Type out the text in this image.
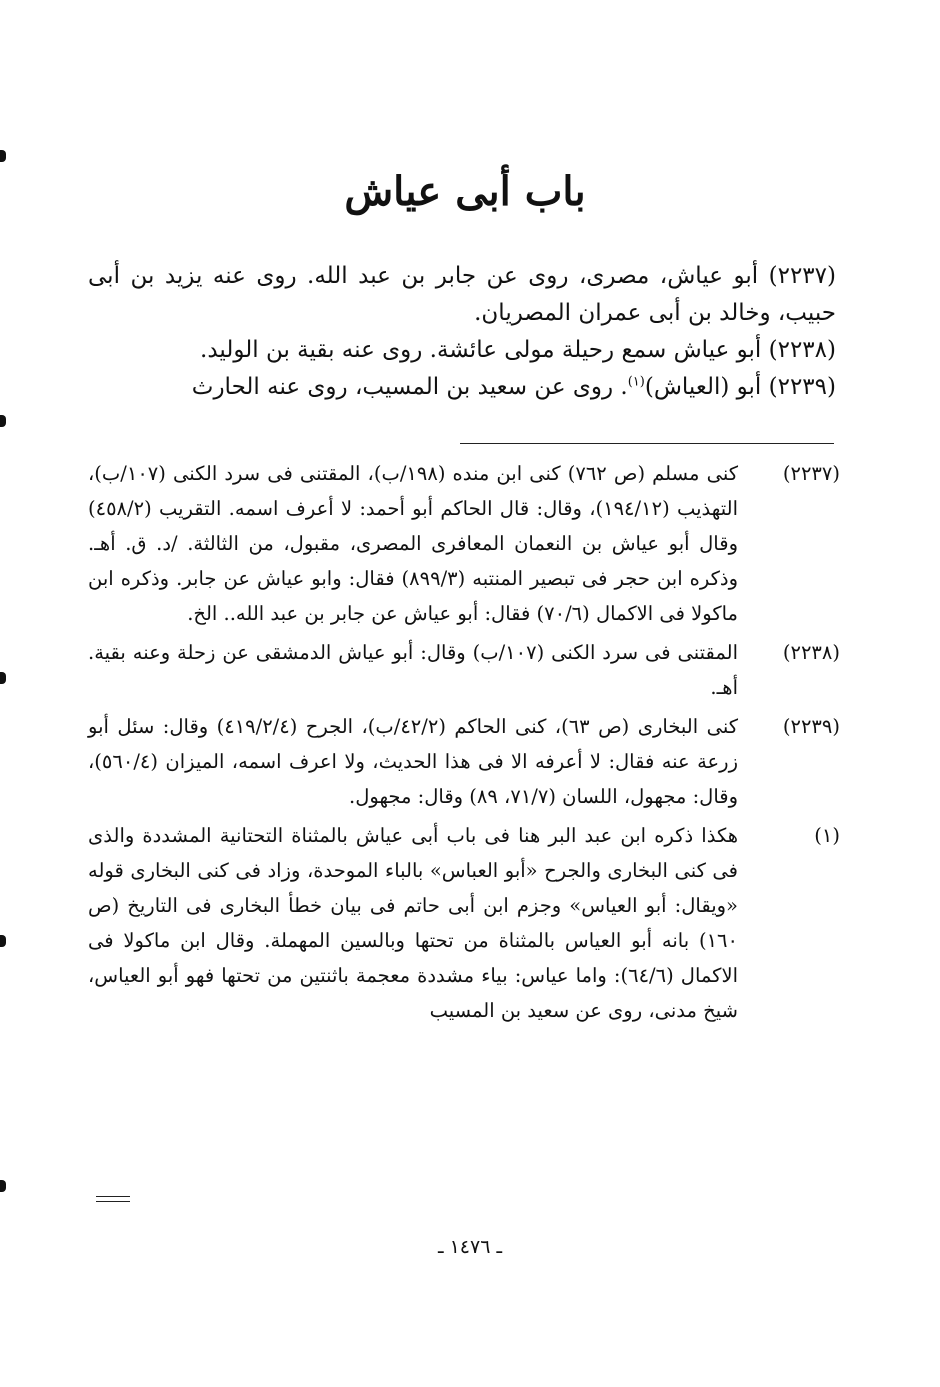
باب أبى عياش

(٢٢٣٧) أبو عياش، مصرى، روى عن جابر بن عبد الله. روى عنه يزيد بن أبى حبيب، وخالد بن أبى عمران المصريان.

(٢٢٣٨) أبو عياش سمع رحيلة مولى عائشة. روى عنه بقية بن الوليد.

(٢٢٣٩) أبو (العياش)$^{(١)}$. روى عن سعيد بن المسيب، روى عنه الحارث

(٢٢٣٧)
كنى مسلم (ص ٧٦٢) كنى ابن منده (١٩٨/ب)، المقتنى فى سرد الكنى (١٠٧/ب)، التهذيب (١٩٤/١٢)، وقال: قال الحاكم أبو أحمد: لا أعرف اسمه. التقريب (٤٥٨/٢) وقال أبو عياش بن النعمان المعافرى المصرى، مقبول، من الثالثة. /د. ق. أهـ. وذكره ابن حجر فى تبصير المنتبه (٨٩٩/٣) فقال: وابو عياش عن جابر. وذكره ابن ماكولا فى الاكمال (٧٠/٦) فقال: أبو عياش عن جابر بن عبد الله.. الخ.
(٢٢٣٨)
المقتنى فى سرد الكنى (١٠٧/ب) وقال: أبو عياش الدمشقى عن زحلة وعنه بقية. أهـ.
(٢٢٣٩)
كنى البخارى (ص ٦٣)، كنى الحاكم (٤٢/٢/ب)، الجرح (٤١٩/٢/٤) وقال: سئل أبو زرعة عنه فقال: لا أعرفه الا فى هذا الحديث، ولا اعرف اسمه، الميزان (٥٦٠/٤)، وقال: مجهول، اللسان (٧١/٧، ٨٩) وقال: مجهول.
(١)
هكذا ذكره ابن عبد البر هنا فى باب أبى عياش بالمثناة التحتانية المشددة والذى فى كنى البخارى والجرح «أبو العباس» بالباء الموحدة، وزاد فى كنى البخارى قوله «ويقال: أبو العياس» وجزم ابن أبى حاتم فى بيان خطأ البخارى فى التاريخ (ص ١٦٠) بانه أبو العياس بالمثناة من تحتها وبالسين المهملة. وقال ابن ماكولا فى الاكمال (٦٤/٦): واما عياس: بياء مشددة معجمة باثنتين من تحتها فهو أبو العياس، شيخ مدنى، روى عن سعيد بن المسيب
ـ ١٤٧٦ ـ
